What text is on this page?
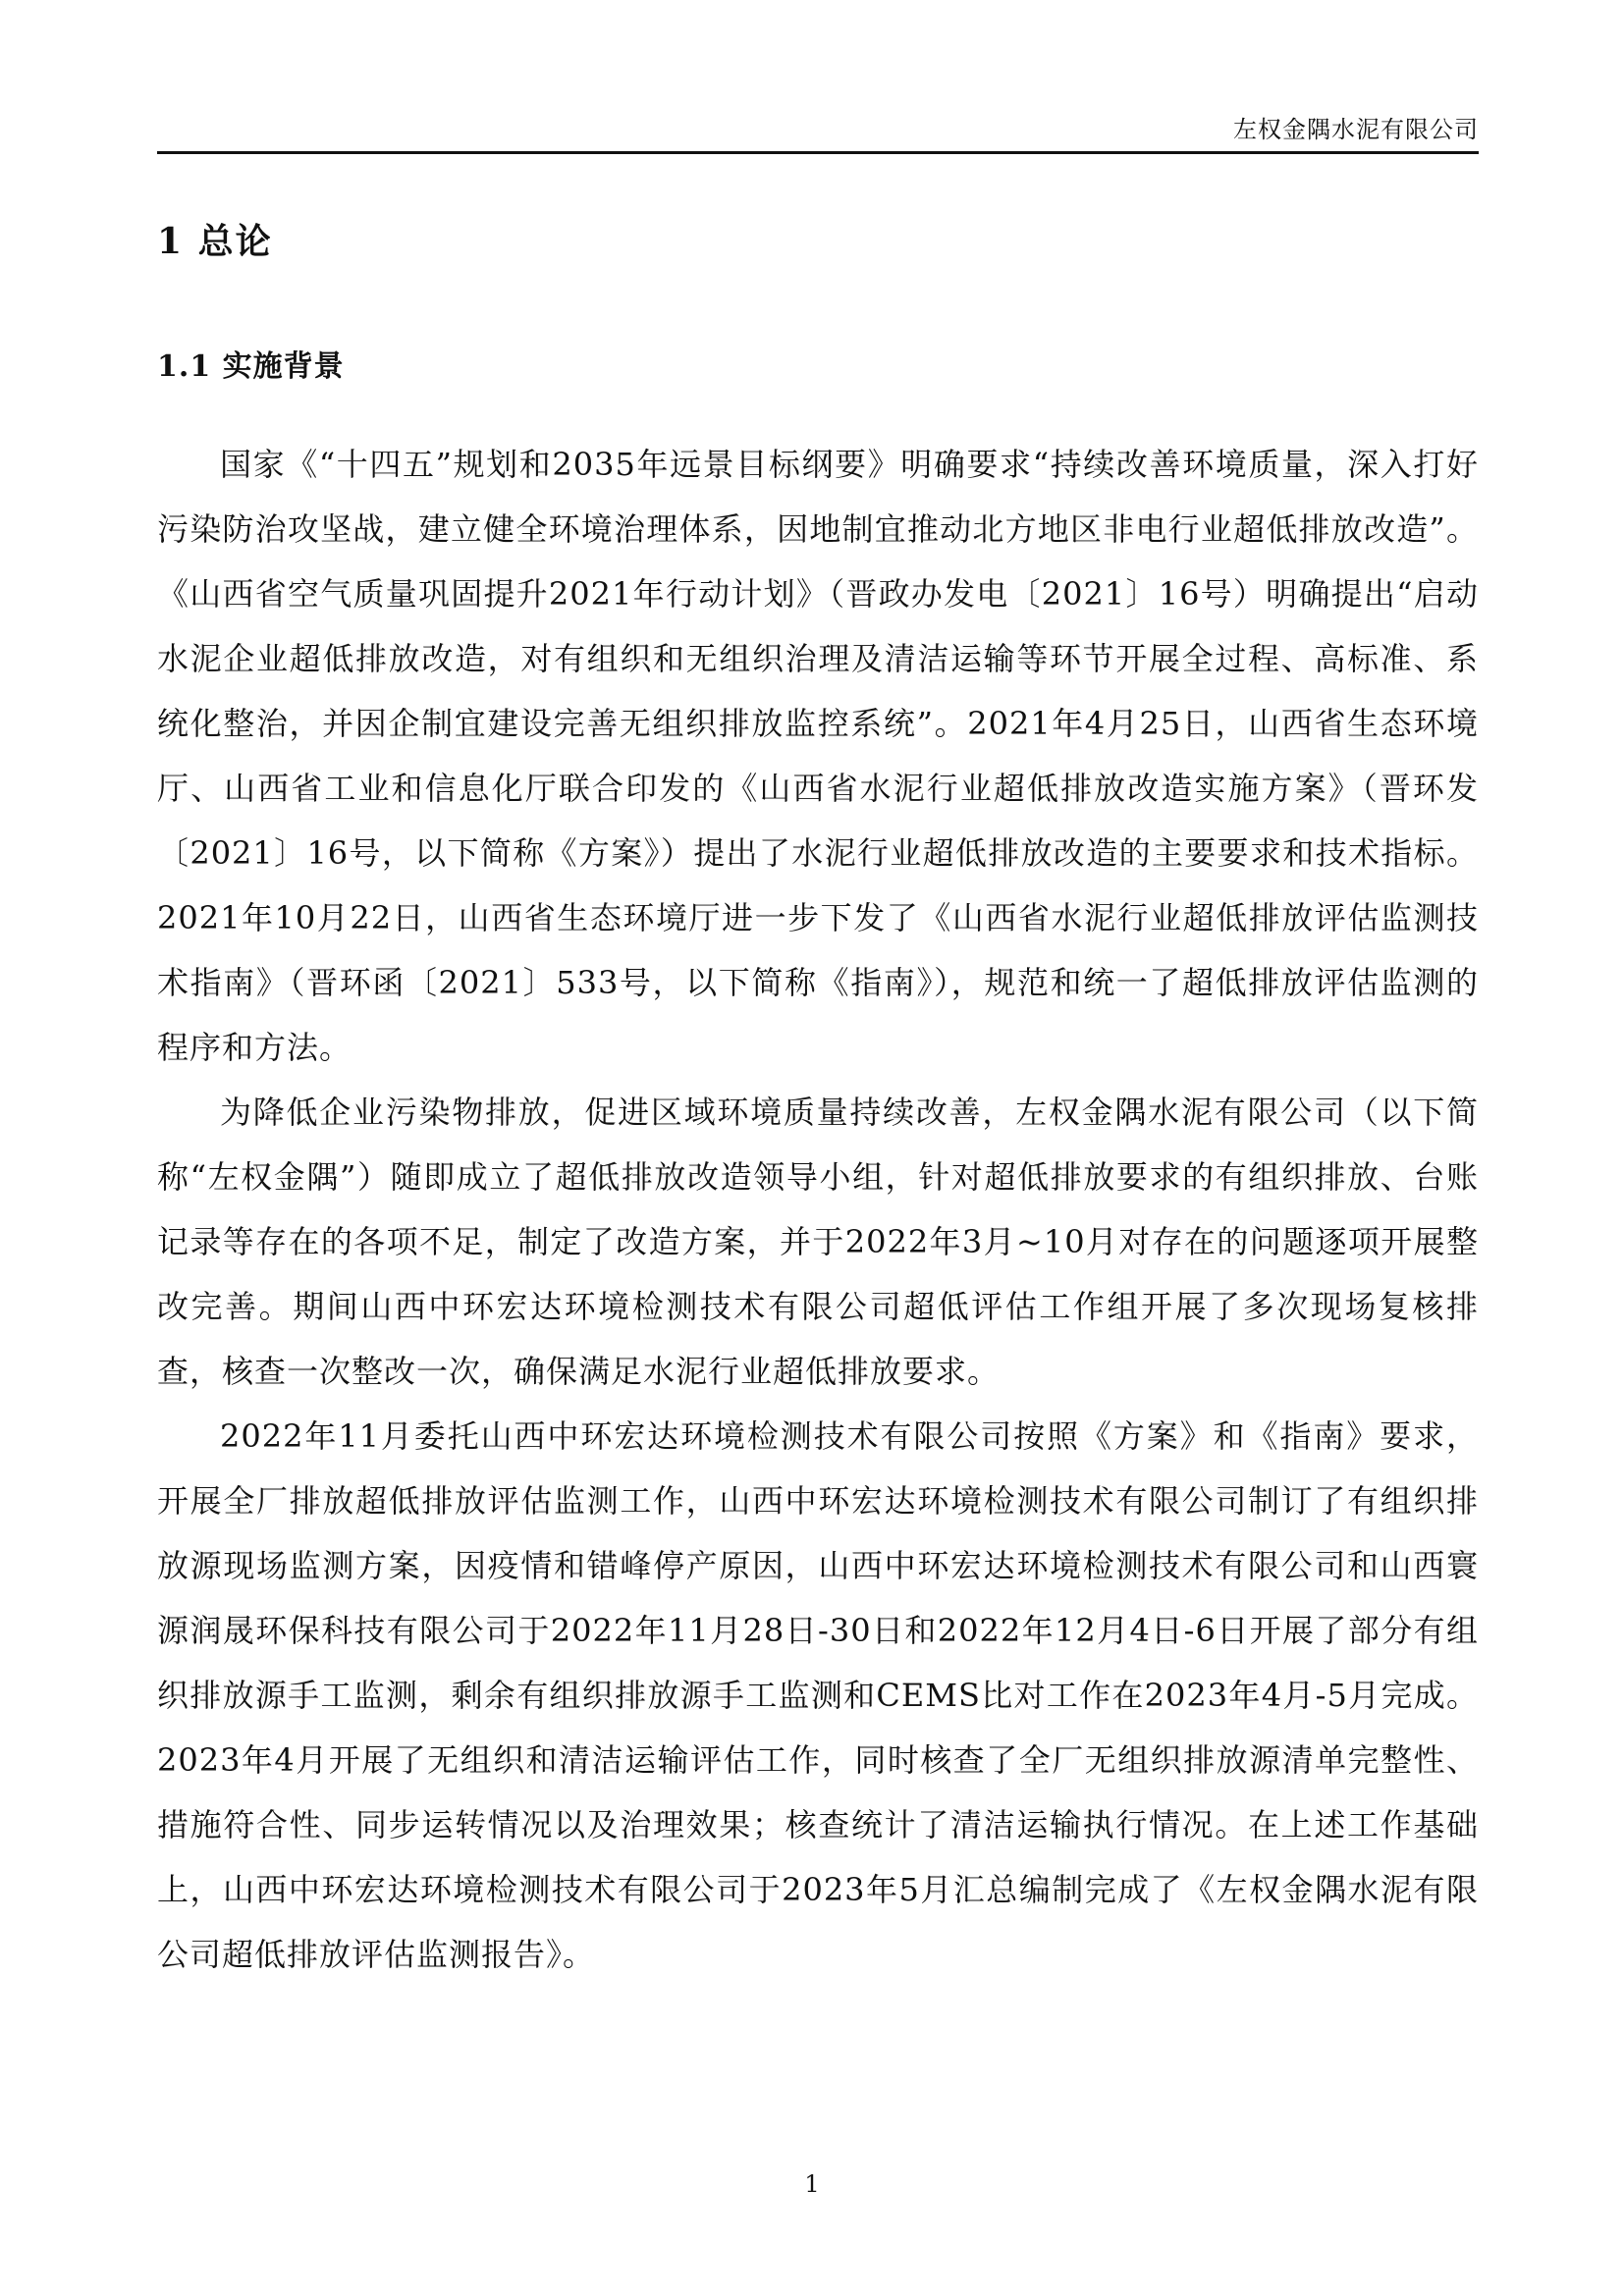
左权金隅水泥有限公司
1 总论
1.1 实施背景

国家《“十四五”规划和2035年远景目标纲要》明确要求“持续改善环境质量，深入打好污染防治攻坚战，建立健全环境治理体系，因地制宜推动北方地区非电行业超低排放改造”。《山西省空气质量巩固提升2021年行动计划》（晋政办发电〔2021〕16号）明确提出“启动水泥企业超低排放改造，对有组织和无组织治理及清洁运输等环节开展全过程、高标准、系统化整治，并因企制宜建设完善无组织排放监控系统”。2021年4月25日，山西省生态环境厅、山西省工业和信息化厅联合印发的《山西省水泥行业超低排放改造实施方案》（晋环发〔2021〕16号，以下简称《方案》）提出了水泥行业超低排放改造的主要要求和技术指标。2021年10月22日，山西省生态环境厅进一步下发了《山西省水泥行业超低排放评估监测技术指南》（晋环函〔2021〕533号，以下简称《指南》），规范和统一了超低排放评估监测的程序和方法。

为降低企业污染物排放，促进区域环境质量持续改善，左权金隅水泥有限公司（以下简称“左权金隅”）随即成立了超低排放改造领导小组，针对超低排放要求的有组织排放、台账记录等存在的各项不足，制定了改造方案，并于2022年3月~10月对存在的问题逐项开展整改完善。期间山西中环宏达环境检测技术有限公司超低评估工作组开展了多次现场复核排查，核查一次整改一次，确保满足水泥行业超低排放要求。

2022年11月委托山西中环宏达环境检测技术有限公司按照《方案》和《指南》要求，开展全厂排放超低排放评估监测工作，山西中环宏达环境检测技术有限公司制订了有组织排放源现场监测方案，因疫情和错峰停产原因，山西中环宏达环境检测技术有限公司和山西寰源润晟环保科技有限公司于2022年11月28日-30日和2022年12月4日-6日开展了部分有组织排放源手工监测，剩余有组织排放源手工监测和CEMS比对工作在2023年4月-5月完成。2023年4月开展了无组织和清洁运输评估工作，同时核查了全厂无组织排放源清单完整性、措施符合性、同步运转情况以及治理效果；核查统计了清洁运输执行情况。在上述工作基础上，山西中环宏达环境检测技术有限公司于2023年5月汇总编制完成了《左权金隅水泥有限公司超低排放评估监测报告》。

1
